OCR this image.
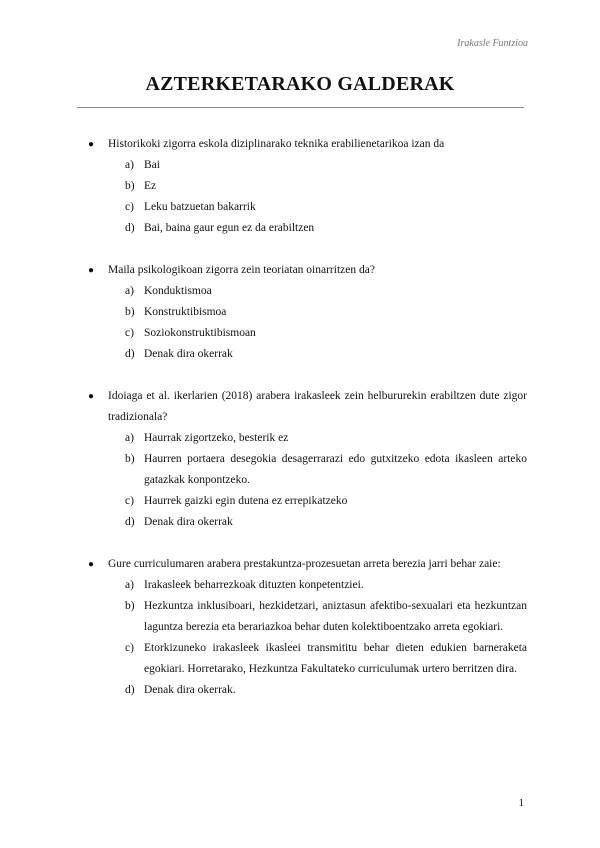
Irakasle Funtzioa
AZTERKETARAKO GALDERAK
● Historikoki zigorra eskola diziplinarako teknika erabilienetarikoa izan da
a) Bai
b) Ez
c) Leku batzuetan bakarrik
d) Bai, baina gaur egun ez da erabiltzen
● Maila psikologikoan zigorra zein teoriatan oinarritzen da?
a) Konduktismoa
b) Konstruktibismoa
c) Soziokonstruktibismoan
d) Denak dira okerrak
● Idoiaga et al. ikerlarien (2018) arabera irakasleek zein helbururekin erabiltzen dute zigor tradizionala?
a) Haurrak zigortzeko, besterik ez
b) Haurren portaera desegokia desagerrarazi edo gutxitzeko edota ikasleen arteko gatazkak konpontzeko.
c) Haurrek gaizki egin dutena ez errepikatzeko
d) Denak dira okerrak
● Gure curriculumaren arabera prestakuntza-prozesuetan arreta berezia jarri behar zaie:
a) Irakasleek beharrezkoak dituzten konpetentziei.
b) Hezkuntza inklusiboari, hezkidetzari, aniztasun afektibo-sexualari eta hezkuntzan laguntza berezia eta berariazkoa behar duten kolektiboentzako arreta egokiari.
c) Etorkizuneko irakasleek ikasleei transmititu behar dieten edukien barneraketa egokiari. Horretarako, Hezkuntza Fakultateko curriculumak urtero berritzen dira.
d) Denak dira okerrak.
1
